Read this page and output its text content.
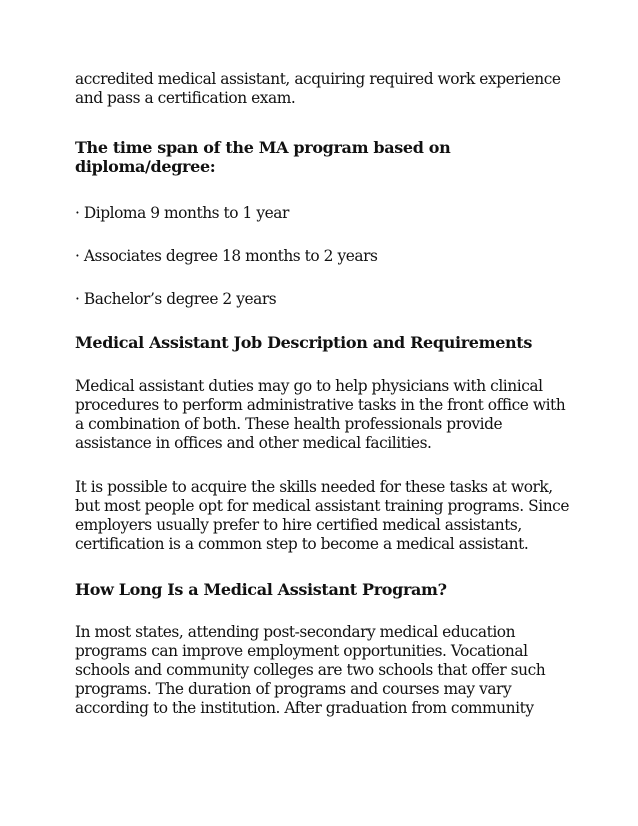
accredited medical assistant, acquiring required work experience
and pass a certification exam.

The time span of the MA program based on
diploma/degree:

· Diploma 9 months to 1 year

· Associates degree 18 months to 2 years

· Bachelor’s degree 2 years

Medical Assistant Job Description and Requirements

Medical assistant duties may go to help physicians with clinical
procedures to perform administrative tasks in the front office with
a combination of both. These health professionals provide
assistance in offices and other medical facilities.

It is possible to acquire the skills needed for these tasks at work,
but most people opt for medical assistant training programs. Since
employers usually prefer to hire certified medical assistants,
certification is a common step to become a medical assistant.

How Long Is a Medical Assistant Program?

In most states, attending post-secondary medical education
programs can improve employment opportunities. Vocational
schools and community colleges are two schools that offer such
programs. The duration of programs and courses may vary
according to the institution. After graduation from community
